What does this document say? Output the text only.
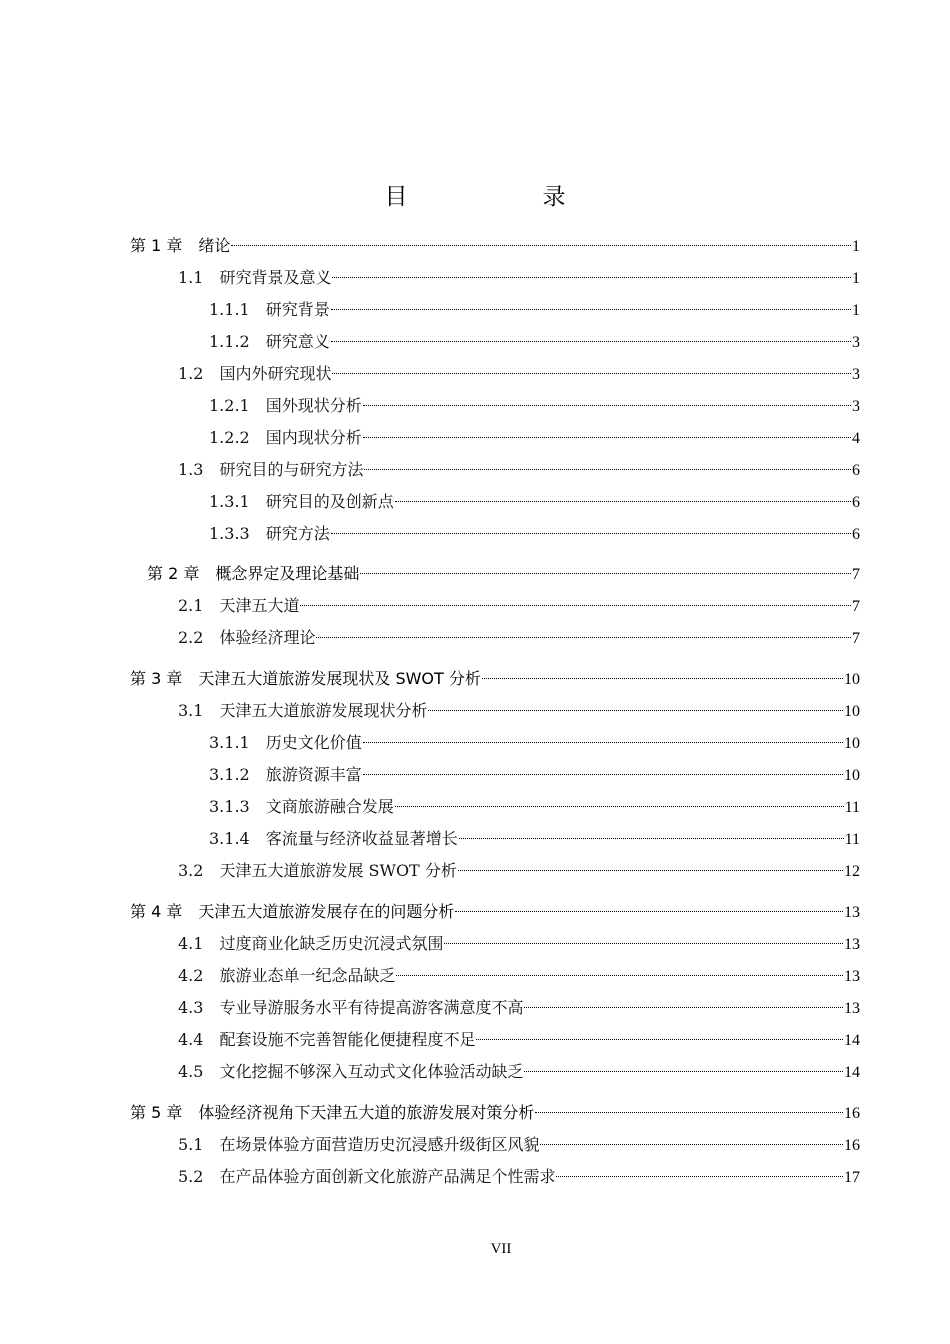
目　录
第 1 章　绪论	1
1.1　研究背景及意义	1
1.1.1　研究背景	1
1.1.2　研究意义	3
1.2　国内外研究现状	3
1.2.1　国外现状分析	3
1.2.2　国内现状分析	4
1.3　研究目的与研究方法	6
1.3.1　研究目的及创新点	6
1.3.3　研究方法	6
第 2 章　概念界定及理论基础	7
2.1　天津五大道	7
2.2　体验经济理论	7
第 3 章　天津五大道旅游发展现状及 SWOT 分析	10
3.1　天津五大道旅游发展现状分析	10
3.1.1　历史文化价值	10
3.1.2　旅游资源丰富	10
3.1.3　文商旅游融合发展	11
3.1.4　客流量与经济收益显著增长	11
3.2　天津五大道旅游发展 SWOT 分析	12
第 4 章　天津五大道旅游发展存在的问题分析	13
4.1　过度商业化缺乏历史沉浸式氛围	13
4.2　旅游业态单一纪念品缺乏	13
4.3　专业导游服务水平有待提高游客满意度不高	13
4.4　配套设施不完善智能化便捷程度不足	14
4.5　文化挖掘不够深入互动式文化体验活动缺乏	14
第 5 章　体验经济视角下天津五大道的旅游发展对策分析	16
5.1　在场景体验方面营造历史沉浸感升级街区风貌	16
5.2　在产品体验方面创新文化旅游产品满足个性需求	17
VII
